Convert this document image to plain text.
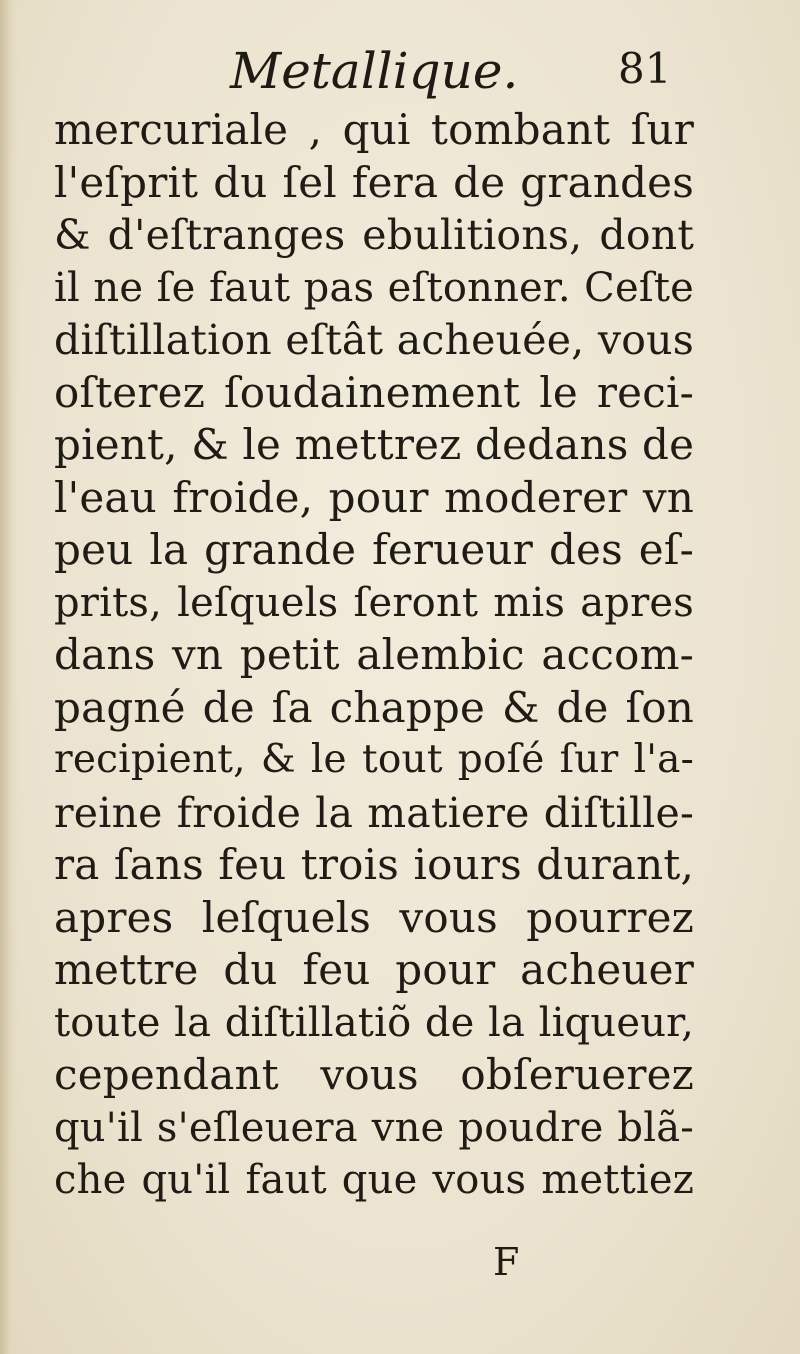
Metallique. 81
mercuriale , qui tombant ſur
l'eſprit du ſel fera de grandes
& d'eſtranges ebulitions, dont
il ne ſe faut pas eſtonner. Ceſte
diſtillation eſtât acheuée, vous
oſterez ſoudainement le reci-
pient, & le mettrez dedans de
l'eau froide, pour moderer vn
peu la grande ferueur des eſ-
prits, leſquels ſeront mis apres
dans vn petit alembic accom-
pagné de ſa chappe & de ſon
recipient, & le tout poſé ſur l'a-
reine froide la matiere diſtille-
ra ſans feu trois iours durant,
apres leſquels vous pourrez
mettre du feu pour acheuer
toute la diſtillatiõ de la liqueur,
cependant vous obſeruerez
qu'il s'eſleuera vne poudre blã-
che qu'il faut que vous mettiez
F
